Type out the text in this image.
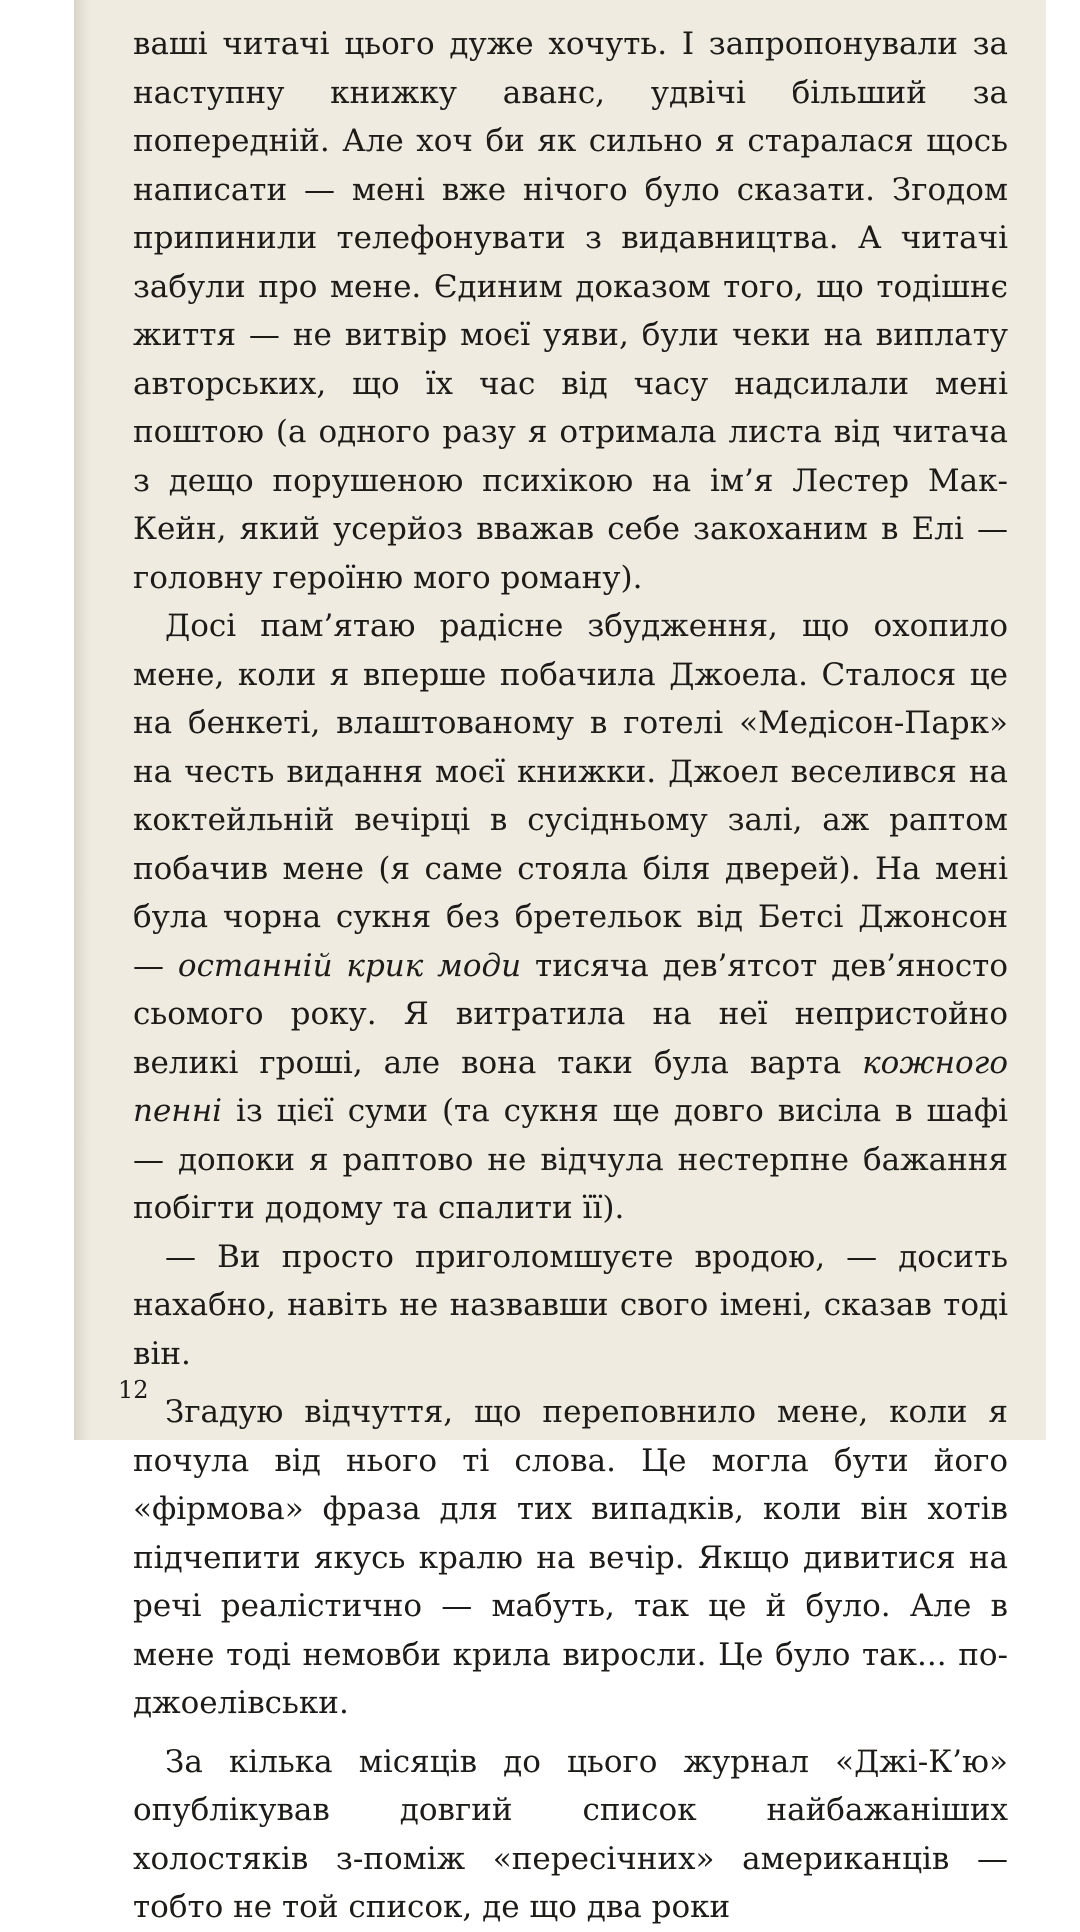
ваші читачі цього дуже хочуть. І запропонували за наступну книжку аванс, удвічі більший за попередній. Але хоч би як сильно я старалася щось написати — мені вже нічого було сказати. Згодом припинили телефонувати з видавництва. А читачі забули про мене. Єдиним доказом того, що тодішнє життя — не витвір моєї уяви, були чеки на виплату авторських, що їх час від часу надсилали мені поштою (а одного разу я отримала листа від читача з дещо порушеною психікою на ім’я Лестер Мак-Кейн, який усерйоз вважав себе закоханим в Елі — головну героїню мого роману).

Досі пам’ятаю радісне збудження, що охопило мене, коли я вперше побачила Джоела. Сталося це на бенкеті, влаштованому в готелі «Медісон-Парк» на честь видання моєї книжки. Джоел веселився на коктейльній вечірці в сусідньому залі, аж раптом побачив мене (я саме стояла біля дверей). На мені була чорна сукня без бретельок від Бетсі Джонсон — останній крик моди тисяча дев’ятсот дев’яносто сьомого року. Я витратила на неї непристойно великі гроші, але вона таки була варта кожного пенні із цієї суми (та сукня ще довго висіла в шафі — допоки я раптово не відчула нестерпне бажання побігти додому та спалити її).

— Ви просто приголомшуєте вродою, — досить нахабно, навіть не назвавши свого імені, сказав тоді він.

Згадую відчуття, що переповнило мене, коли я почула від нього ті слова. Це могла бути його «фірмова» фраза для тих випадків, коли він хотів підчепити якусь кралю на вечір. Якщо дивитися на речі реалістично — мабуть, так це й було. Але в мене тоді немовби крила виросли. Це було так... по-джоелівськи.

За кілька місяців до цього журнал «Джі-К’ю» опублікував довгий список найбажаніших холостяків з-поміж «пересічних» американців — тобто не той список, де що два роки

12
